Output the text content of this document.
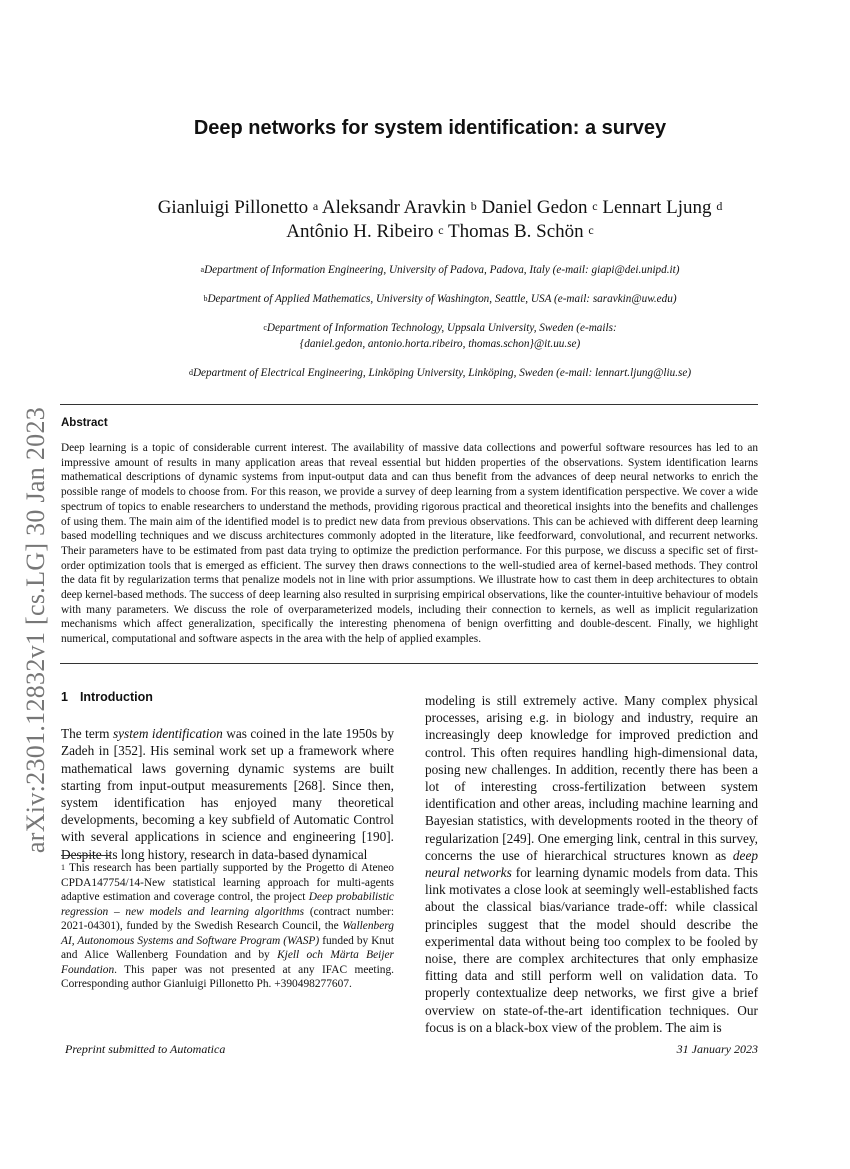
arXiv:2301.12832v1 [cs.LG] 30 Jan 2023
Deep networks for system identification: a survey
Gianluigi Pillonetto $^a$ Aleksandr Aravkin $^b$ Daniel Gedon $^c$ Lennart Ljung $^d$
Antônio H. Ribeiro $^c$ Thomas B. Schön $^c$
$^a$Department of Information Engineering, University of Padova, Padova, Italy (e-mail: giapi@dei.unipd.it)
$^b$Department of Applied Mathematics, University of Washington, Seattle, USA (e-mail: saravkin@uw.edu)
$^c$Department of Information Technology, Uppsala University, Sweden (e-mails:
{daniel.gedon, antonio.horta.ribeiro, thomas.schon}@it.uu.se)
$^d$Department of Electrical Engineering, Linköping University, Linköping, Sweden (e-mail: lennart.ljung@liu.se)
Abstract

Deep learning is a topic of considerable current interest. The availability of massive data collections and powerful software resources has led to an impressive amount of results in many application areas that reveal essential but hidden properties of the observations. System identification learns mathematical descriptions of dynamic systems from input-output data and can thus benefit from the advances of deep neural networks to enrich the possible range of models to choose from. For this reason, we provide a survey of deep learning from a system identification perspective. We cover a wide spectrum of topics to enable researchers to understand the methods, providing rigorous practical and theoretical insights into the benefits and challenges of using them. The main aim of the identified model is to predict new data from previous observations. This can be achieved with different deep learning based modelling techniques and we discuss architectures commonly adopted in the literature, like feedforward, convolutional, and recurrent networks. Their parameters have to be estimated from past data trying to optimize the prediction performance. For this purpose, we discuss a specific set of first-order optimization tools that is emerged as efficient. The survey then draws connections to the well-studied area of kernel-based methods. They control the data fit by regularization terms that penalize models not in line with prior assumptions. We illustrate how to cast them in deep architectures to obtain deep kernel-based methods. The success of deep learning also resulted in surprising empirical observations, like the counter-intuitive behaviour of models with many parameters. We discuss the role of overparameterized models, including their connection to kernels, as well as implicit regularization mechanisms which affect generalization, specifically the interesting phenomena of benign overfitting and double-descent. Finally, we highlight numerical, computational and software aspects in the area with the help of applied examples.

1 Introduction

The term system identification was coined in the late 1950s by Zadeh in [352]. His seminal work set up a framework where mathematical laws governing dynamic systems are built starting from input-output measurements [268]. Since then, system identification has enjoyed many theoretical developments, becoming a key subfield of Automatic Control with several applications in science and engineering [190]. Despite its long history, research in data-based dynamical

modeling is still extremely active. Many complex physical processes, arising e.g. in biology and industry, require an increasingly deep knowledge for improved prediction and control. This often requires handling high-dimensional data, posing new challenges. In addition, recently there has been a lot of interesting cross-fertilization between system identification and other areas, including machine learning and Bayesian statistics, with developments rooted in the theory of regularization [249]. One emerging link, central in this survey, concerns the use of hierarchical structures known as deep neural networks for learning dynamic models from data. This link motivates a close look at seemingly well-established facts about the classical bias/variance trade-off: while classical principles suggest that the model should describe the experimental data without being too complex to be fooled by noise, there are complex architectures that only emphasize fitting data and still perform well on validation data. To properly contextualize deep networks, we first give a brief overview on state-of-the-art identification techniques. Our focus is on a black-box view of the problem. The aim is

$^1$ This research has been partially supported by the Progetto di Ateneo CPDA147754/14-New statistical learning approach for multi-agents adaptive estimation and coverage control, the project Deep probabilistic regression – new models and learning algorithms (contract number: 2021-04301), funded by the Swedish Research Council, the Wallenberg AI, Autonomous Systems and Software Program (WASP) funded by Knut and Alice Wallenberg Foundation and by Kjell och Märta Beijer Foundation. This paper was not presented at any IFAC meeting. Corresponding author Gianluigi Pillonetto Ph. +390498277607.

Preprint submitted to Automatica	31 January 2023
